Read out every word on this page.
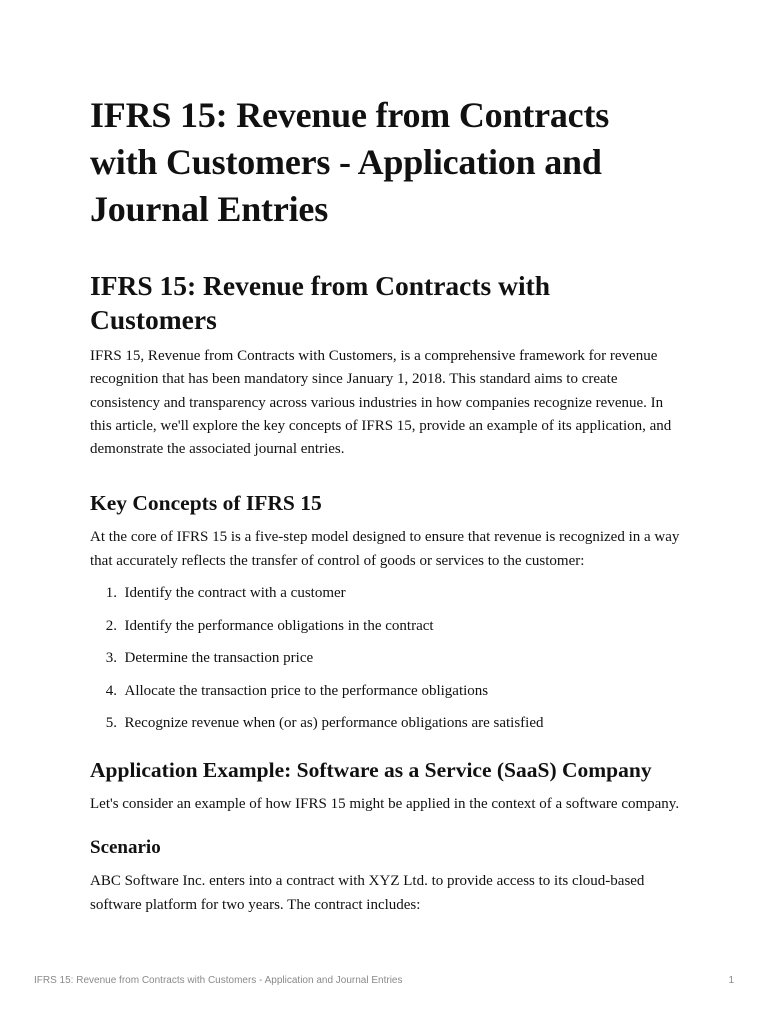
IFRS 15: Revenue from Contracts with Customers - Application and Journal Entries
IFRS 15: Revenue from Contracts with Customers

IFRS 15, Revenue from Contracts with Customers, is a comprehensive framework for revenue recognition that has been mandatory since January 1, 2018. This standard aims to create consistency and transparency across various industries in how companies recognize revenue. In this article, we'll explore the key concepts of IFRS 15, provide an example of its application, and demonstrate the associated journal entries.

Key Concepts of IFRS 15

At the core of IFRS 15 is a five-step model designed to ensure that revenue is recognized in a way that accurately reflects the transfer of control of goods or services to the customer:

1.
Identify the contract with a customer
2.
Identify the performance obligations in the contract
3.
Determine the transaction price
4.
Allocate the transaction price to the performance obligations
5.
Recognize revenue when (or as) performance obligations are satisfied
Application Example: Software as a Service (SaaS) Company

Let's consider an example of how IFRS 15 might be applied in the context of a software company.

Scenario

ABC Software Inc. enters into a contract with XYZ Ltd. to provide access to its cloud-based software platform for two years. The contract includes:

IFRS 15: Revenue from Contracts with Customers - Application and Journal Entries	1
